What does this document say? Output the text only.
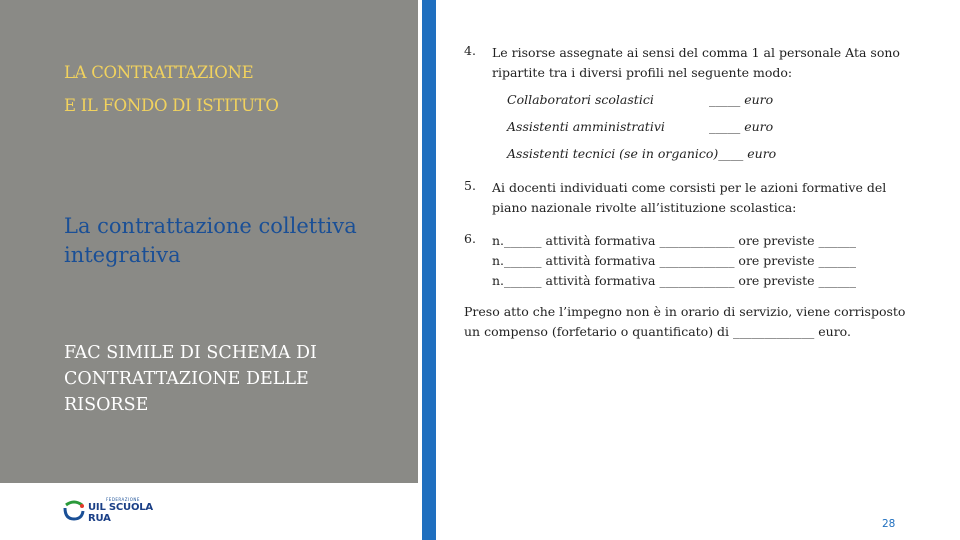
LA CONTRATTAZIONE
E IL FONDO DI ISTITUTO
La contrattazione collettiva integrativa
FAC SIMILE DI SCHEMA DI CONTRATTAZIONE DELLE RISORSE
FEDERAZIONE
UIL SCUOLA RUA
4. Le risorse assegnate ai sensi del comma 1 al personale Ata sono ripartite tra i diversi profili nel seguente modo:
Collaboratori scolastici	_____ euro
Assistenti amministrativi	_____ euro
Assistenti tecnici (se in organico)____ euro
5. Ai docenti individuati come corsisti per le azioni formative del piano nazionale rivolte all’istituzione scolastica:
6. n.______ attività formativa ____________ ore previste ______
n.______ attività formativa ____________ ore previste ______
n.______ attività formativa ____________ ore previste ______
Preso atto che l’impegno non è in orario di servizio, viene corrisposto un compenso (forfetario o quantificato) di _____________ euro.
28
